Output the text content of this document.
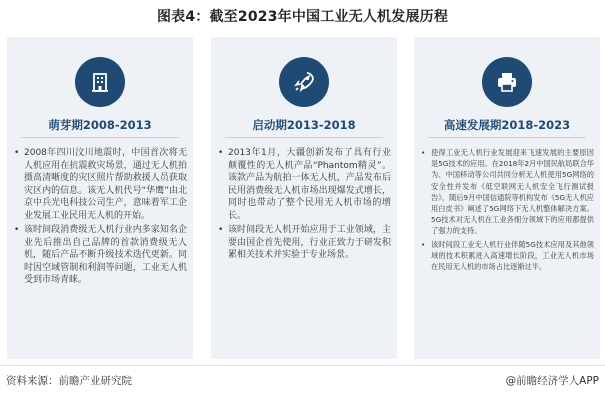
图表4：截至2023年中国工业无人机发展历程
萌芽期2008-2013
• 2008年四川汶川地震时，中国首次将无人机应用在抗震救灾场景，通过无人机拍摄高清晰度的灾区照片帮助救援人员获取灾区内的信息。该无人机代号“华鹰”由北京中兵光电科技公司生产，意味着军工企业发展工业民用无人机的开始。
• 该时间段消费级无人机行业内多家知名企业先后推出自己品牌的首款消费级无人机，随后产品不断升级技术迭代更新。同时因空域管制和利润等问题，工业无人机受到市场青睐。
启动期2013-2018
• 2013年1月，大疆创新发布了具有行业颠覆性的无人机产品“Phantom精灵”。该款产品为航拍一体无人机，产品发布后民用消费级无人机市场出现爆发式增长，同时也带动了整个民用无人机市场的增长。
• 该时间段无人机开始应用于工业领域，主要由国企首先使用，行业正致力于研发积累相关技术并实验于专业场景。
高速发展期2018-2023
• 使得工业无人机行业发展迎来飞速发展的主要原因是5G技术的应用。在2018年2月中国民航局联合华为、中国移动等公司共同分析无人机使用5G网络的安全性并发布《低空联网无人机安全飞行测试报告》，随后9月中国信通院等机构发布《5G无人机应用白皮书》阐述了5G网络下无人机整体解决方案。5G技术对无人机在工业各细分领域下的应用都提供了强力的支持。
• 该时间段工业无人机行业伴随5G技术应用及其他领域的技术积累进入高速增长阶段，工业无人机市场在民用无人机的市场占比逐渐过半。
资料来源：前瞻产业研究院	@前瞻经济学人APP
